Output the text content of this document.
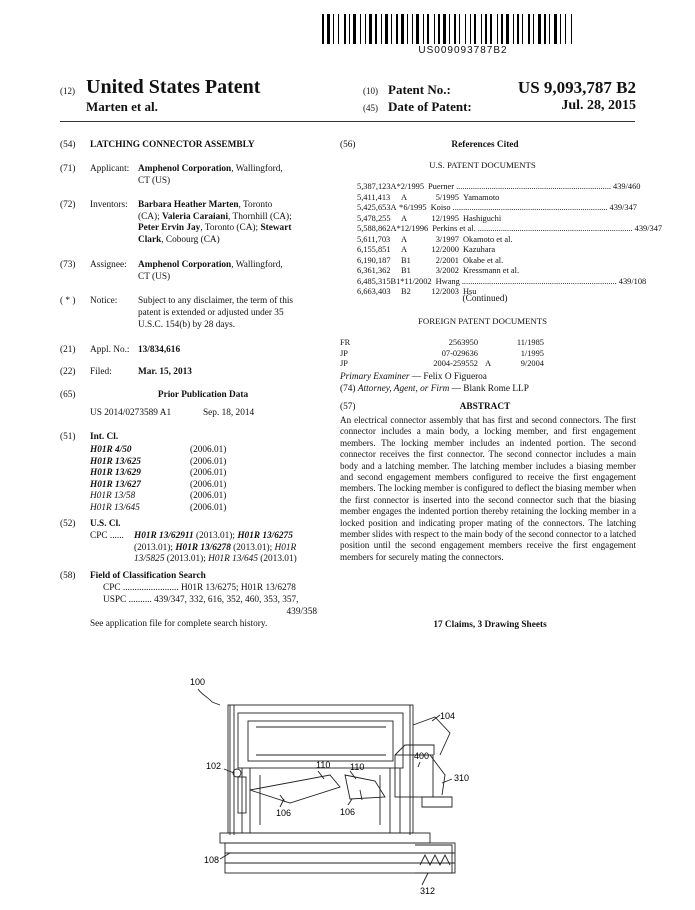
US009093787B2
(12) United States Patent
Marten et al.
(10) Patent No.:	US 9,093,787 B2
(45) Date of Patent:	Jul. 28, 2015
(54) LATCHING CONNECTOR ASSEMBLY
(71) Applicant: Amphenol Corporation, Wallingford,
CT (US)
(72) Inventors: Barbara Heather Marten, Toronto
(CA); Valeria Caraiani, Thornhill (CA);
Peter Ervin Jay, Toronto (CA); Stewart
Clark, Cobourg (CA)
(73) Assignee: Amphenol Corporation, Wallingford,
CT (US)
( * ) Notice: Subject to any disclaimer, the term of this
patent is extended or adjusted under 35
U.S.C. 154(b) by 28 days.
(21) Appl. No.: 13/834,616
(22) Filed:	Mar. 15, 2013
(65)	Prior Publication Data
US 2014/0273589 A1	Sep. 18, 2014
(51) Int. Cl.
H01R 4/50	(2006.01)
H01R 13/625	(2006.01)
H01R 13/629	(2006.01)
H01R 13/627	(2006.01)
H01R 13/58	(2006.01)
H01R 13/645	(2006.01)
(52) U.S. Cl.
CPC ...... H01R 13/62911 (2013.01); H01R 13/6275
(2013.01); H01R 13/6278 (2013.01); H01R
13/5825 (2013.01); H01R 13/645 (2013.01)
(58) Field of Classification Search
CPC ........................ H01R 13/6275; H01R 13/6278
USPC .......... 439/347, 332, 616, 352, 460, 353, 357,
439/358
See application file for complete search history.
(56)	References Cited
U.S. PATENT DOCUMENTS
5,387,123 A * 2/1995 Puerner .......................................................................... 439/460
5,411,413	A	5/1995 Yamamoto
5,425,653 A * 6/1995 Koiso .......................................................................... 439/347
5,478,255	A	12/1995 Hashiguchi
5,588,862 A * 12/1996 Perkins et al. .......................................................................... 439/347
5,611,703	A	3/1997 Okamoto et al.
6,155,851	A	12/2000 Kazuhara
6,190,187	B1	2/2001 Okabe et al.
6,361,362	B1	3/2002 Kressmann et al.
6,485,315 B1 * 11/2002 Hwang .......................................................................... 439/108
6,663,403	B2	12/2003 Hsu
(Continued)
FOREIGN PATENT DOCUMENTS
FR	2563950	11/1985
JP	07-029636	1/1995
JP	2004-259552 A	9/2004
Primary Examiner — Felix O Figueroa
(74) Attorney, Agent, or Firm — Blank Rome LLP
(57)	ABSTRACT
An electrical connector assembly that has first and second connectors. The first connector includes a main body, a locking member, and first engagement members. The locking member includes an indented portion. The second connector receives the first connector. The second connector includes a main body and a latching member. The latching member includes a biasing member and second engagement members configured to receive the first engagement members. The locking member is configured to deflect the biasing member when the first connector is inserted into the second connector such that the biasing member engages the indented portion thereby retaining the locking member in a locked position and indicating proper mating of the connectors. The latching member slides with respect to the main body of the second connector to a latched position until the second engagement members receive the first engagement members for securely mating the connectors.
17 Claims, 3 Drawing Sheets
100
104
102	110 110
400
310
106	106
108
312
